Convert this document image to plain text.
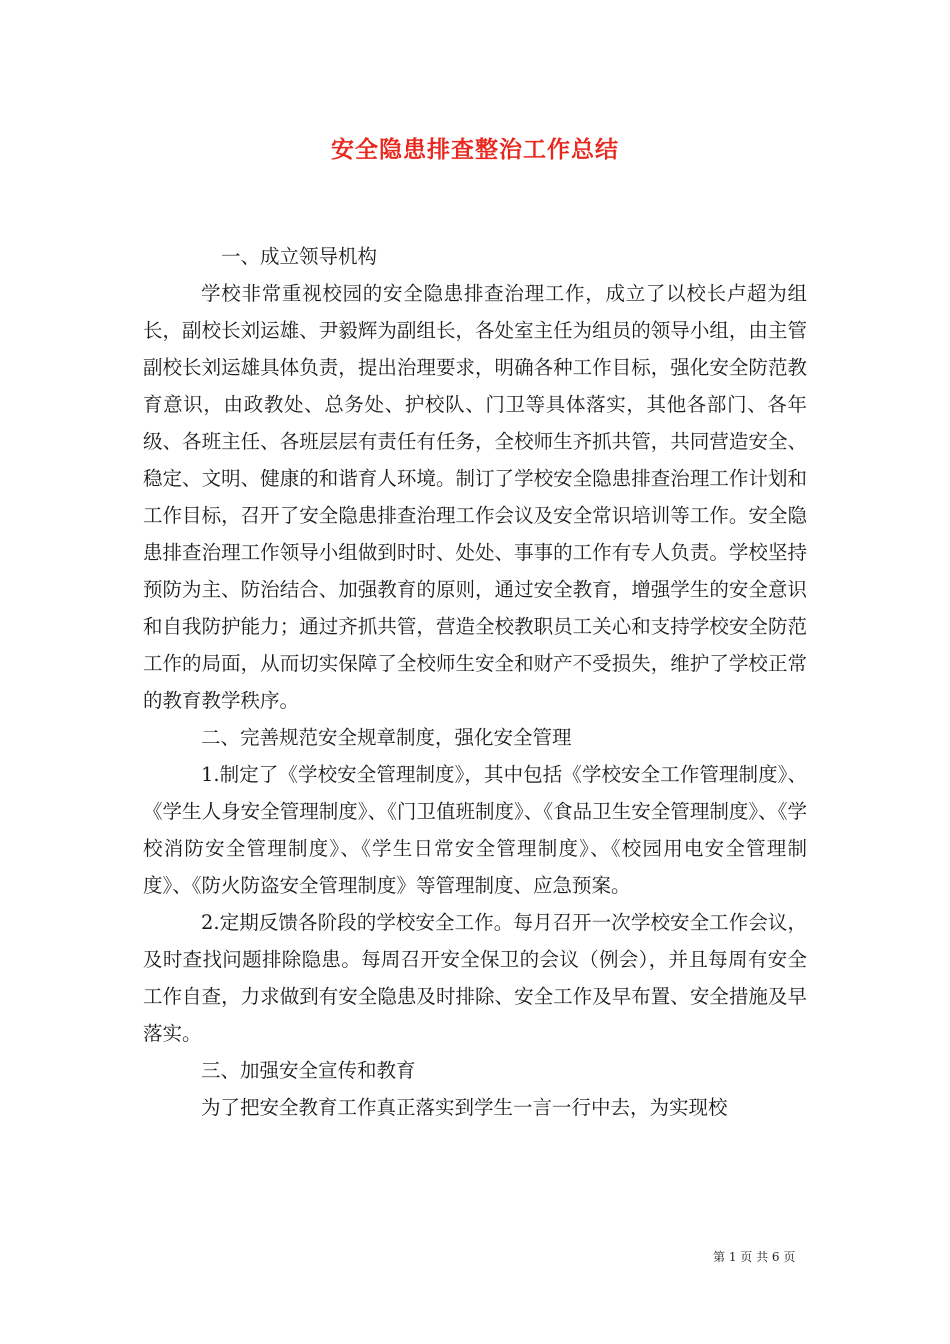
安全隐患排查整治工作总结

一、成立领导机构

学校非常重视校园的安全隐患排查治理工作，成立了以校长卢超为组长，副校长刘运雄、尹毅辉为副组长，各处室主任为组员的领导小组，由主管副校长刘运雄具体负责，提出治理要求，明确各种工作目标，强化安全防范教育意识，由政教处、总务处、护校队、门卫等具体落实，其他各部门、各年级、各班主任、各班层层有责任有任务，全校师生齐抓共管，共同营造安全、稳定、文明、健康的和谐育人环境。制订了学校安全隐患排查治理工作计划和工作目标，召开了安全隐患排查治理工作会议及安全常识培训等工作。安全隐患排查治理工作领导小组做到时时、处处、事事的工作有专人负责。学校坚持预防为主、防治结合、加强教育的原则，通过安全教育，增强学生的安全意识和自我防护能力；通过齐抓共管，营造全校教职员工关心和支持学校安全防范工作的局面，从而切实保障了全校师生安全和财产不受损失，维护了学校正常的教育教学秩序。

二、完善规范安全规章制度，强化安全管理

1.制定了《学校安全管理制度》，其中包括《学校安全工作管理制度》、《学生人身安全管理制度》、《门卫值班制度》、《食品卫生安全管理制度》、《学校消防安全管理制度》、《学生日常安全管理制度》、《校园用电安全管理制度》、《防火防盗安全管理制度》等管理制度、应急预案。

2.定期反馈各阶段的学校安全工作。每月召开一次学校安全工作会议，及时查找问题排除隐患。每周召开安全保卫的会议（例会），并且每周有安全工作自查，力求做到有安全隐患及时排除、安全工作及早布置、安全措施及早落实。

三、加强安全宣传和教育

为了把安全教育工作真正落实到学生一言一行中去，为实现校

第 1 页 共 6 页
